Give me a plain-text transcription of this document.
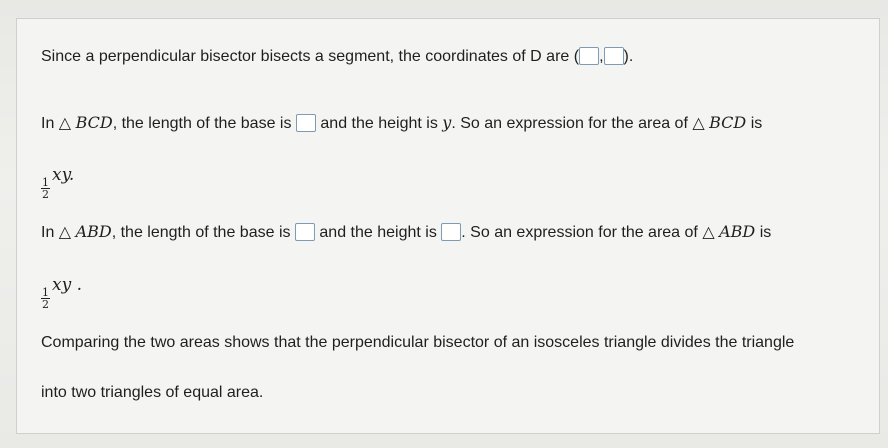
Since a perpendicular bisector bisects a segment, the coordinates of D are ( , ).
In △ BCD, the length of the base is and the height is y. So an expression for the area of △ BCD is
$\frac{1}{2}$
xy.
In △ ABD, the length of the base is and the height is . So an expression for the area of △ ABD is
$\frac{1}{2}$
xy .
Comparing the two areas shows that the perpendicular bisector of an isosceles triangle divides the triangle
into two triangles of equal area.
